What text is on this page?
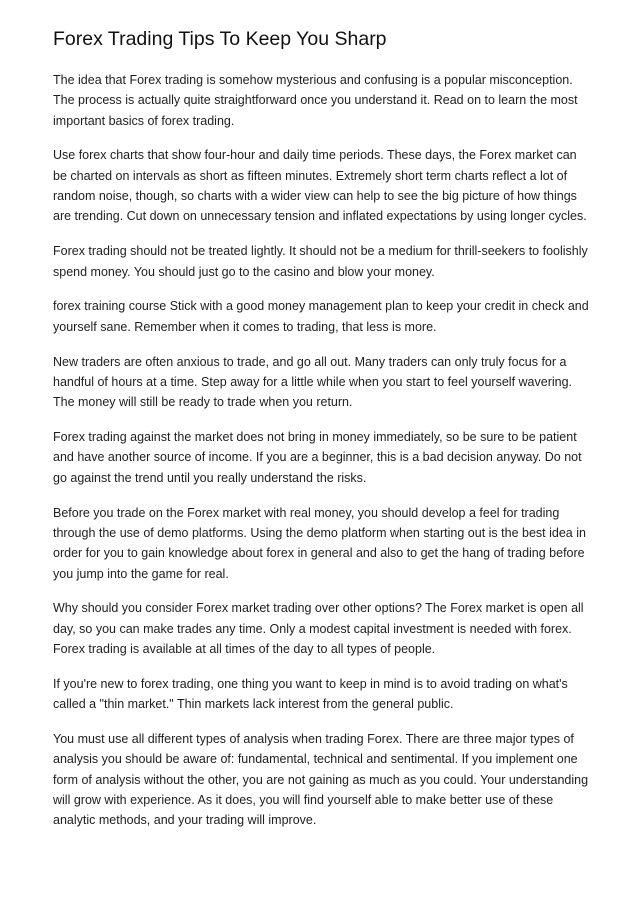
Forex Trading Tips To Keep You Sharp

The idea that Forex trading is somehow mysterious and confusing is a popular misconception. The process is actually quite straightforward once you understand it. Read on to learn the most important basics of forex trading.

Use forex charts that show four-hour and daily time periods. These days, the Forex market can be charted on intervals as short as fifteen minutes. Extremely short term charts reflect a lot of random noise, though, so charts with a wider view can help to see the big picture of how things are trending. Cut down on unnecessary tension and inflated expectations by using longer cycles.

Forex trading should not be treated lightly. It should not be a medium for thrill-seekers to foolishly spend money. You should just go to the casino and blow your money.

forex training course Stick with a good money management plan to keep your credit in check and yourself sane. Remember when it comes to trading, that less is more.

New traders are often anxious to trade, and go all out. Many traders can only truly focus for a handful of hours at a time. Step away for a little while when you start to feel yourself wavering. The money will still be ready to trade when you return.

Forex trading against the market does not bring in money immediately, so be sure to be patient and have another source of income. If you are a beginner, this is a bad decision anyway. Do not go against the trend until you really understand the risks.

Before you trade on the Forex market with real money, you should develop a feel for trading through the use of demo platforms. Using the demo platform when starting out is the best idea in order for you to gain knowledge about forex in general and also to get the hang of trading before you jump into the game for real.

Why should you consider Forex market trading over other options? The Forex market is open all day, so you can make trades any time. Only a modest capital investment is needed with forex. Forex trading is available at all times of the day to all types of people.

If you're new to forex trading, one thing you want to keep in mind is to avoid trading on what's called a "thin market." Thin markets lack interest from the general public.

You must use all different types of analysis when trading Forex. There are three major types of analysis you should be aware of: fundamental, technical and sentimental. If you implement one form of analysis without the other, you are not gaining as much as you could. Your understanding will grow with experience. As it does, you will find yourself able to make better use of these analytic methods, and your trading will improve.
